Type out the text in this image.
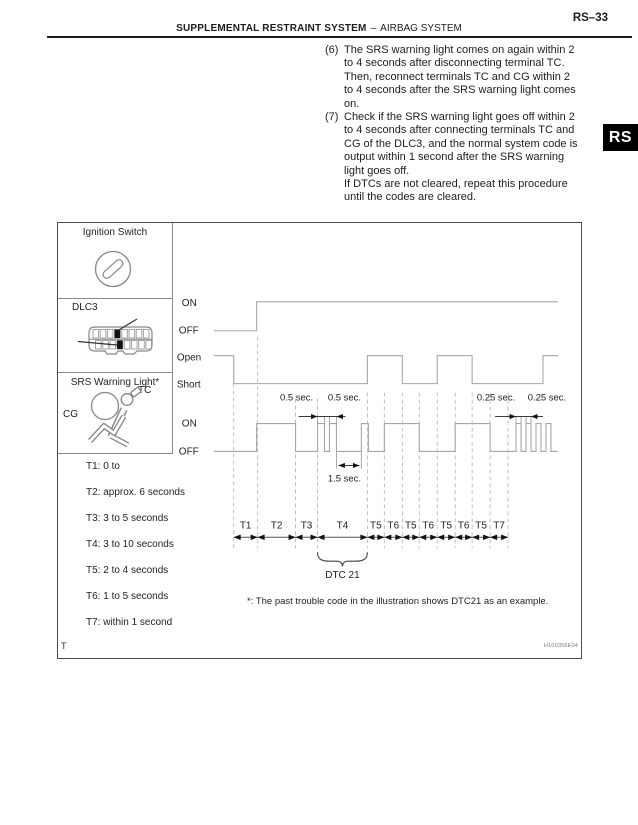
SUPPLEMENTAL RESTRAINT SYSTEM – AIRBAG SYSTEM
RS–33
(6) The SRS warning light comes on again within 2
to 4 seconds after disconnecting terminal TC.
Then, reconnect terminals TC and CG within 2
to 4 seconds after the SRS warning light comes
on.
(7) Check if the SRS warning light goes off within 2
to 4 seconds after connecting terminals TC and
CG of the DLC3, and the normal system code is
output within 1 second after the SRS warning
light goes off.
If DTCs are not cleared, repeat this procedure
until the codes are cleared.
RS
Ignition Switch
DLC3
TC
CG
SRS Warning Light*
T1 T2 T3 T4 T5 T6 T5 T6 T5 T6 T5 T7
0.5 sec. 0.5 sec.	0.25 sec. 0.25 sec.
1.5 sec.
ON
OFF
Open
Short
ON
OFF
DTC 21
T1: 0 to
T2: approx. 6 seconds
T3: 3 to 5 seconds
T4: 3 to 10 seconds
T5: 2 to 4 seconds
T6: 1 to 5 seconds
T7: within 1 second
*: The past trouble code in the illustration shows DTC21 as an example.
T	H100356E04
